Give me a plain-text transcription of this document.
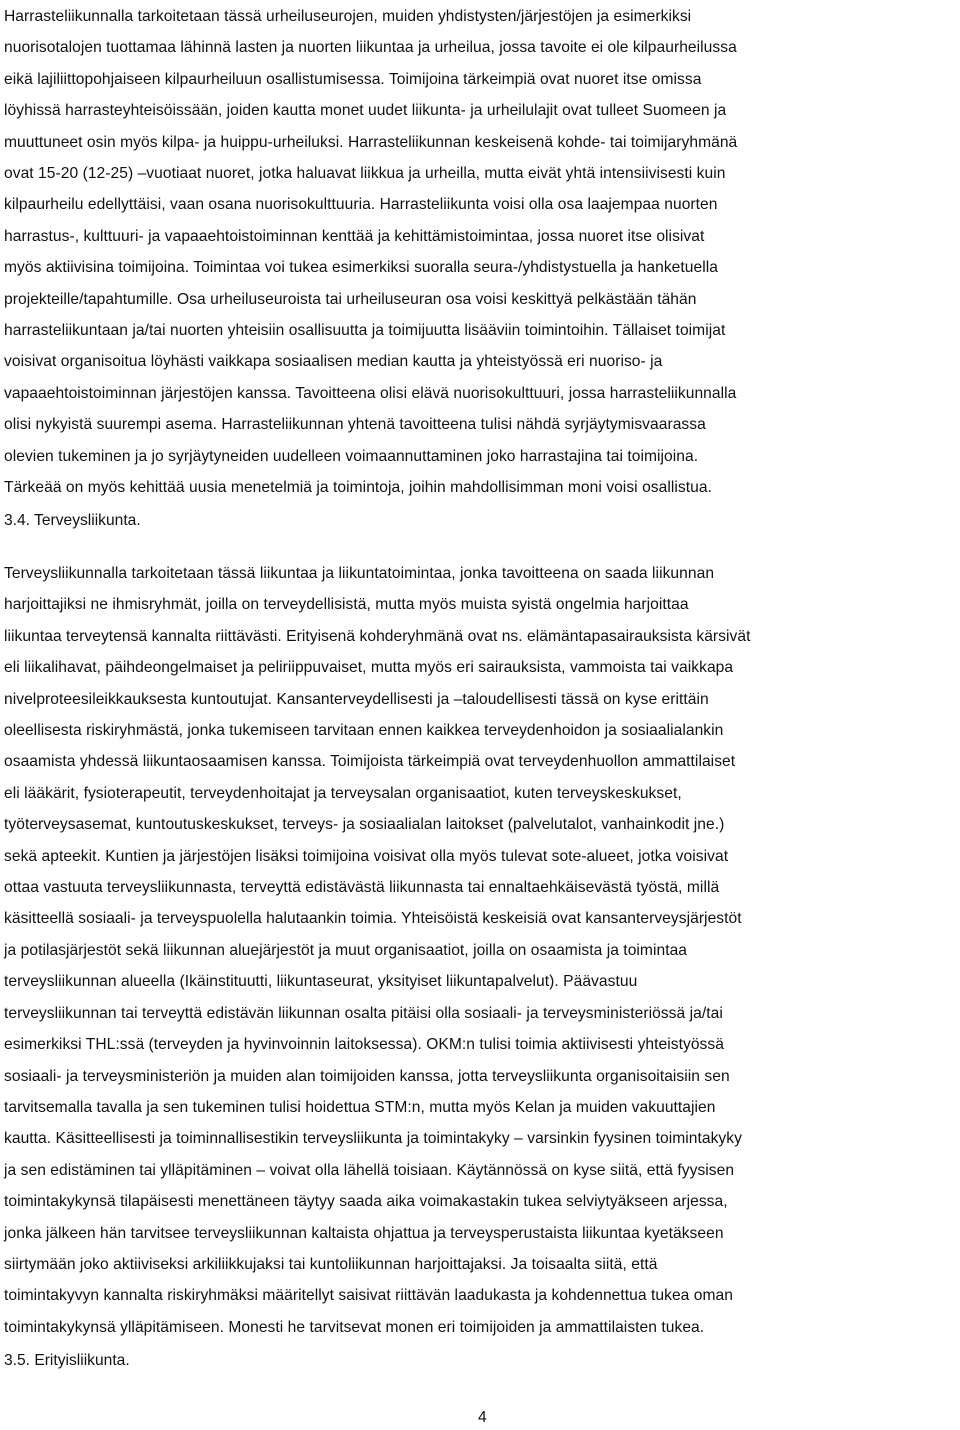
Harrasteliikunnalla tarkoitetaan tässä urheiluseurojen, muiden yhdistysten/järjestöjen ja esimerkiksi
nuorisotalojen tuottamaa lähinnä lasten ja nuorten liikuntaa ja urheilua, jossa tavoite ei ole kilpaurheilussa
eikä lajiliittopohjaiseen kilpaurheiluun osallistumisessa. Toimijoina tärkeimpiä ovat nuoret itse omissa
löyhissä harrasteyhteisöissään, joiden kautta monet uudet liikunta- ja urheilulajit ovat tulleet Suomeen ja
muuttuneet osin myös kilpa- ja huippu-urheiluksi. Harrasteliikunnan keskeisenä kohde- tai toimijaryhmänä
ovat 15-20 (12-25) –vuotiaat nuoret, jotka haluavat liikkua ja urheilla, mutta eivät yhtä intensiivisesti kuin
kilpaurheilu edellyttäisi, vaan osana nuorisokulttuuria. Harrasteliikunta voisi olla osa laajempaa nuorten
harrastus-, kulttuuri- ja vapaaehtoistoiminnan kenttää ja kehittämistoimintaa, jossa nuoret itse olisivat
myös aktiivisina toimijoina. Toimintaa voi tukea esimerkiksi suoralla seura-/yhdistystuella ja hanketuella
projekteille/tapahtumille. Osa urheiluseuroista tai urheiluseuran osa voisi keskittyä pelkästään tähän
harrasteliikuntaan ja/tai nuorten yhteisiin osallisuutta ja toimijuutta lisääviin toimintoihin. Tällaiset toimijat
voisivat organisoitua löyhästi vaikkapa sosiaalisen median kautta ja yhteistyössä eri nuoriso- ja
vapaaehtoistoiminnan järjestöjen kanssa. Tavoitteena olisi elävä nuorisokulttuuri, jossa harrasteliikunnalla
olisi nykyistä suurempi asema. Harrasteliikunnan yhtenä tavoitteena tulisi nähdä syrjäytymisvaarassa
olevien tukeminen ja jo syrjäytyneiden uudelleen voimaannuttaminen joko harrastajina tai toimijoina.
Tärkeää on myös kehittää uusia menetelmiä ja toimintoja, joihin mahdollisimman moni voisi osallistua.

3.4. Terveysliikunta.

Terveysliikunnalla tarkoitetaan tässä liikuntaa ja liikuntatoimintaa, jonka tavoitteena on saada liikunnan
harjoittajiksi ne ihmisryhmät, joilla on terveydellisistä, mutta myös muista syistä ongelmia harjoittaa
liikuntaa terveytensä kannalta riittävästi. Erityisenä kohderyhmänä ovat ns. elämäntapasairauksista kärsivät
eli liikalihavat, päihdeongelmaiset ja peliriippuvaiset, mutta myös eri sairauksista, vammoista tai vaikkapa
nivelproteesileikkauksesta kuntoutujat. Kansanterveydellisesti ja –taloudellisesti tässä on kyse erittäin
oleellisesta riskiryhmästä, jonka tukemiseen tarvitaan ennen kaikkea terveydenhoidon ja sosiaalialankin
osaamista yhdessä liikuntaosaamisen kanssa. Toimijoista tärkeimpiä ovat terveydenhuollon ammattilaiset
eli lääkärit, fysioterapeutit, terveydenhoitajat ja terveysalan organisaatiot, kuten terveyskeskukset,
työterveysasemat, kuntoutuskeskukset, terveys- ja sosiaalialan laitokset (palvelutalot, vanhainkodit jne.)
sekä apteekit. Kuntien ja järjestöjen lisäksi toimijoina voisivat olla myös tulevat sote-alueet, jotka voisivat
ottaa vastuuta terveysliikunnasta, terveyttä edistävästä liikunnasta tai ennaltaehkäisevästä työstä, millä
käsitteellä sosiaali- ja terveyspuolella halutaankin toimia. Yhteisöistä keskeisiä ovat kansanterveysjärjestöt
ja potilasjärjestöt sekä liikunnan aluejärjestöt ja muut organisaatiot, joilla on osaamista ja toimintaa
terveysliikunnan alueella (Ikäinstituutti, liikuntaseurat, yksityiset liikuntapalvelut). Päävastuu
terveysliikunnan tai terveyttä edistävän liikunnan osalta pitäisi olla sosiaali- ja terveysministeriössä ja/tai
esimerkiksi THL:ssä (terveyden ja hyvinvoinnin laitoksessa). OKM:n tulisi toimia aktiivisesti yhteistyössä
sosiaali- ja terveysministeriön ja muiden alan toimijoiden kanssa, jotta terveysliikunta organisoitaisiin sen
tarvitsemalla tavalla ja sen tukeminen tulisi hoidettua STM:n, mutta myös Kelan ja muiden vakuuttajien
kautta. Käsitteellisesti ja toiminnallisestikin terveysliikunta ja toimintakyky – varsinkin fyysinen toimintakyky
ja sen edistäminen tai ylläpitäminen – voivat olla lähellä toisiaan. Käytännössä on kyse siitä, että fyysisen
toimintakykynsä tilapäisesti menettäneen täytyy saada aika voimakastakin tukea selviytyäkseen arjessa,
jonka jälkeen hän tarvitsee terveysliikunnan kaltaista ohjattua ja terveysperustaista liikuntaa kyetäkseen
siirtymään joko aktiiviseksi arkiliikkujaksi tai kuntoliikunnan harjoittajaksi. Ja toisaalta siitä, että
toimintakyvyn kannalta riskiryhmäksi määritellyt saisivat riittävän laadukasta ja kohdennettua tukea oman
toimintakykynsä ylläpitämiseen. Monesti he tarvitsevat monen eri toimijoiden ja ammattilaisten tukea.

3.5. Erityisliikunta.
4
